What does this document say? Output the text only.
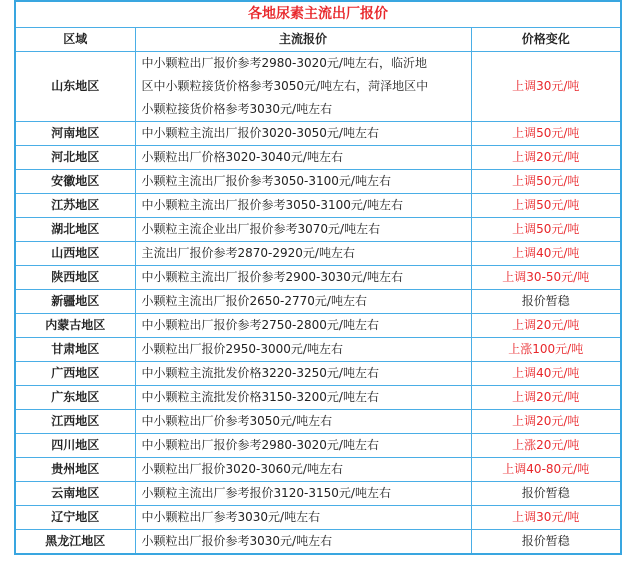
各地尿素主流出厂报价		
区域	主流报价	价格变化
山东地区	中小颗粒出厂报价参考2980-3020元/吨左右，临沂地
区中小颗粒接货价格参考3050元/吨左右，菏泽地区中
小颗粒接货价格参考3030元/吨左右	上调30元/吨
河南地区	中小颗粒主流出厂报价3020-3050元/吨左右	上调50元/吨
河北地区	小颗粒出厂价格3020-3040元/吨左右	上调20元/吨
安徽地区	小颗粒主流出厂报价参考3050-3100元/吨左右	上调50元/吨
江苏地区	中小颗粒主流出厂报价参考3050-3100元/吨左右	上调50元/吨
湖北地区	小颗粒主流企业出厂报价参考3070元/吨左右	上调50元/吨
山西地区	主流出厂报价参考2870-2920元/吨左右	上调40元/吨
陕西地区	中小颗粒主流出厂报价参考2900-3030元/吨左右	上调30-50元/吨
新疆地区	小颗粒主流出厂报价2650-2770元/吨左右	报价暂稳
内蒙古地区	中小颗粒出厂报价参考2750-2800元/吨左右	上调20元/吨
甘肃地区	小颗粒出厂报价2950-3000元/吨左右	上涨100元/吨
广西地区	中小颗粒主流批发价格3220-3250元/吨左右	上调40元/吨
广东地区	中小颗粒主流批发价格3150-3200元/吨左右	上调20元/吨
江西地区	中小颗粒出厂价参考3050元/吨左右	上调20元/吨
四川地区	中小颗粒出厂报价参考2980-3020元/吨左右	上涨20元/吨
贵州地区	小颗粒出厂报价3020-3060元/吨左右	上调40-80元/吨
云南地区	小颗粒主流出厂参考报价3120-3150元/吨左右	报价暂稳
辽宁地区	中小颗粒出厂参考3030元/吨左右	上调30元/吨
黑龙江地区	小颗粒出厂报价参考3030元/吨左右	报价暂稳
